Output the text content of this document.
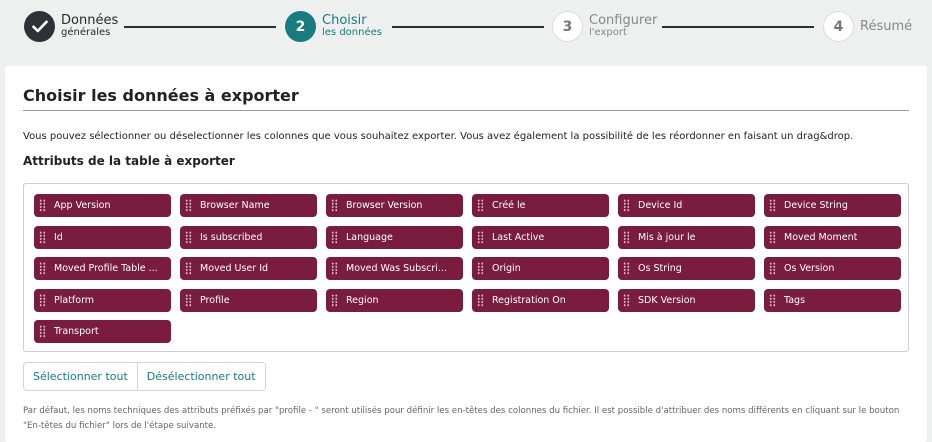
Données
générales	2	Choisir
les données	3	Configurer
l'export	4	Résumé
Choisir les données à exporter
Vous pouvez sélectionner ou déselectionner les colonnes que vous souhaitez exporter. Vous avez également la possibilité de les réordonner en faisant un drag&drop.
Attributs de la table à exporter
App Version	Browser Name	Browser Version	Créé le	Device Id	Device String
Id	Is subscribed	Language	Last Active	Mis à jour le	Moved Moment
Moved Profile Table ...	Moved User Id	Moved Was Subscri...	Origin	Os String	Os Version
Platform	Profile	Region	Registration On	SDK Version	Tags
Transport
Sélectionner tout	Désélectionner tout
Par défaut, les noms techniques des attributs préfixés par "profile - " seront utilisés pour définir les en-têtes des colonnes du fichier. Il est possible d'attribuer des noms différents en cliquant sur le bouton "En-têtes du fichier" lors de l'étape suivante.
